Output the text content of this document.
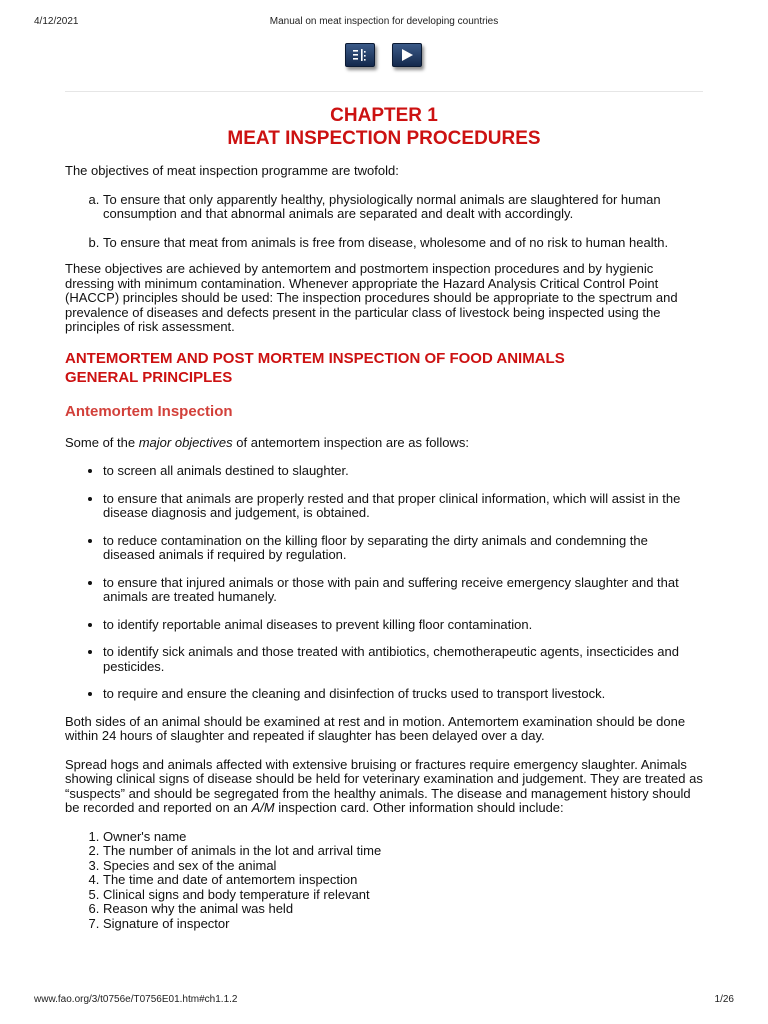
4/12/2021	Manual on meat inspection for developing countries
CHAPTER 1
MEAT INSPECTION PROCEDURES

The objectives of meat inspection programme are twofold:

a. To ensure that only apparently healthy, physiologically normal animals are slaughtered for human consumption and that abnormal animals are separated and dealt with accordingly.
b. To ensure that meat from animals is free from disease, wholesome and of no risk to human health.

These objectives are achieved by antemortem and postmortem inspection procedures and by hygienic dressing with minimum contamination. Whenever appropriate the Hazard Analysis Critical Control Point (HACCP) principles should be used: The inspection procedures should be appropriate to the spectrum and prevalence of diseases and defects present in the particular class of livestock being inspected using the principles of risk assessment.

ANTEMORTEM AND POST MORTEM INSPECTION OF FOOD ANIMALS
GENERAL PRINCIPLES
Antemortem Inspection

Some of the major objectives of antemortem inspection are as follows:

• to screen all animals destined to slaughter.
• to ensure that animals are properly rested and that proper clinical information, which will assist in the disease diagnosis and judgement, is obtained.
• to reduce contamination on the killing floor by separating the dirty animals and condemning the diseased animals if required by regulation.
• to ensure that injured animals or those with pain and suffering receive emergency slaughter and that animals are treated humanely.
• to identify reportable animal diseases to prevent killing floor contamination.
• to identify sick animals and those treated with antibiotics, chemotherapeutic agents, insecticides and pesticides.
• to require and ensure the cleaning and disinfection of trucks used to transport livestock.

Both sides of an animal should be examined at rest and in motion. Antemortem examination should be done within 24 hours of slaughter and repeated if slaughter has been delayed over a day.

Spread hogs and animals affected with extensive bruising or fractures require emergency slaughter. Animals showing clinical signs of disease should be held for veterinary examination and judgement. They are treated as “suspects” and should be segregated from the healthy animals. The disease and management history should be recorded and reported on an A/M inspection card. Other information should include:

1. Owner's name
2. The number of animals in the lot and arrival time
3. Species and sex of the animal
4. The time and date of antemortem inspection
5. Clinical signs and body temperature if relevant
6. Reason why the animal was held
7. Signature of inspector
www.fao.org/3/t0756e/T0756E01.htm#ch1.1.2	1/26
